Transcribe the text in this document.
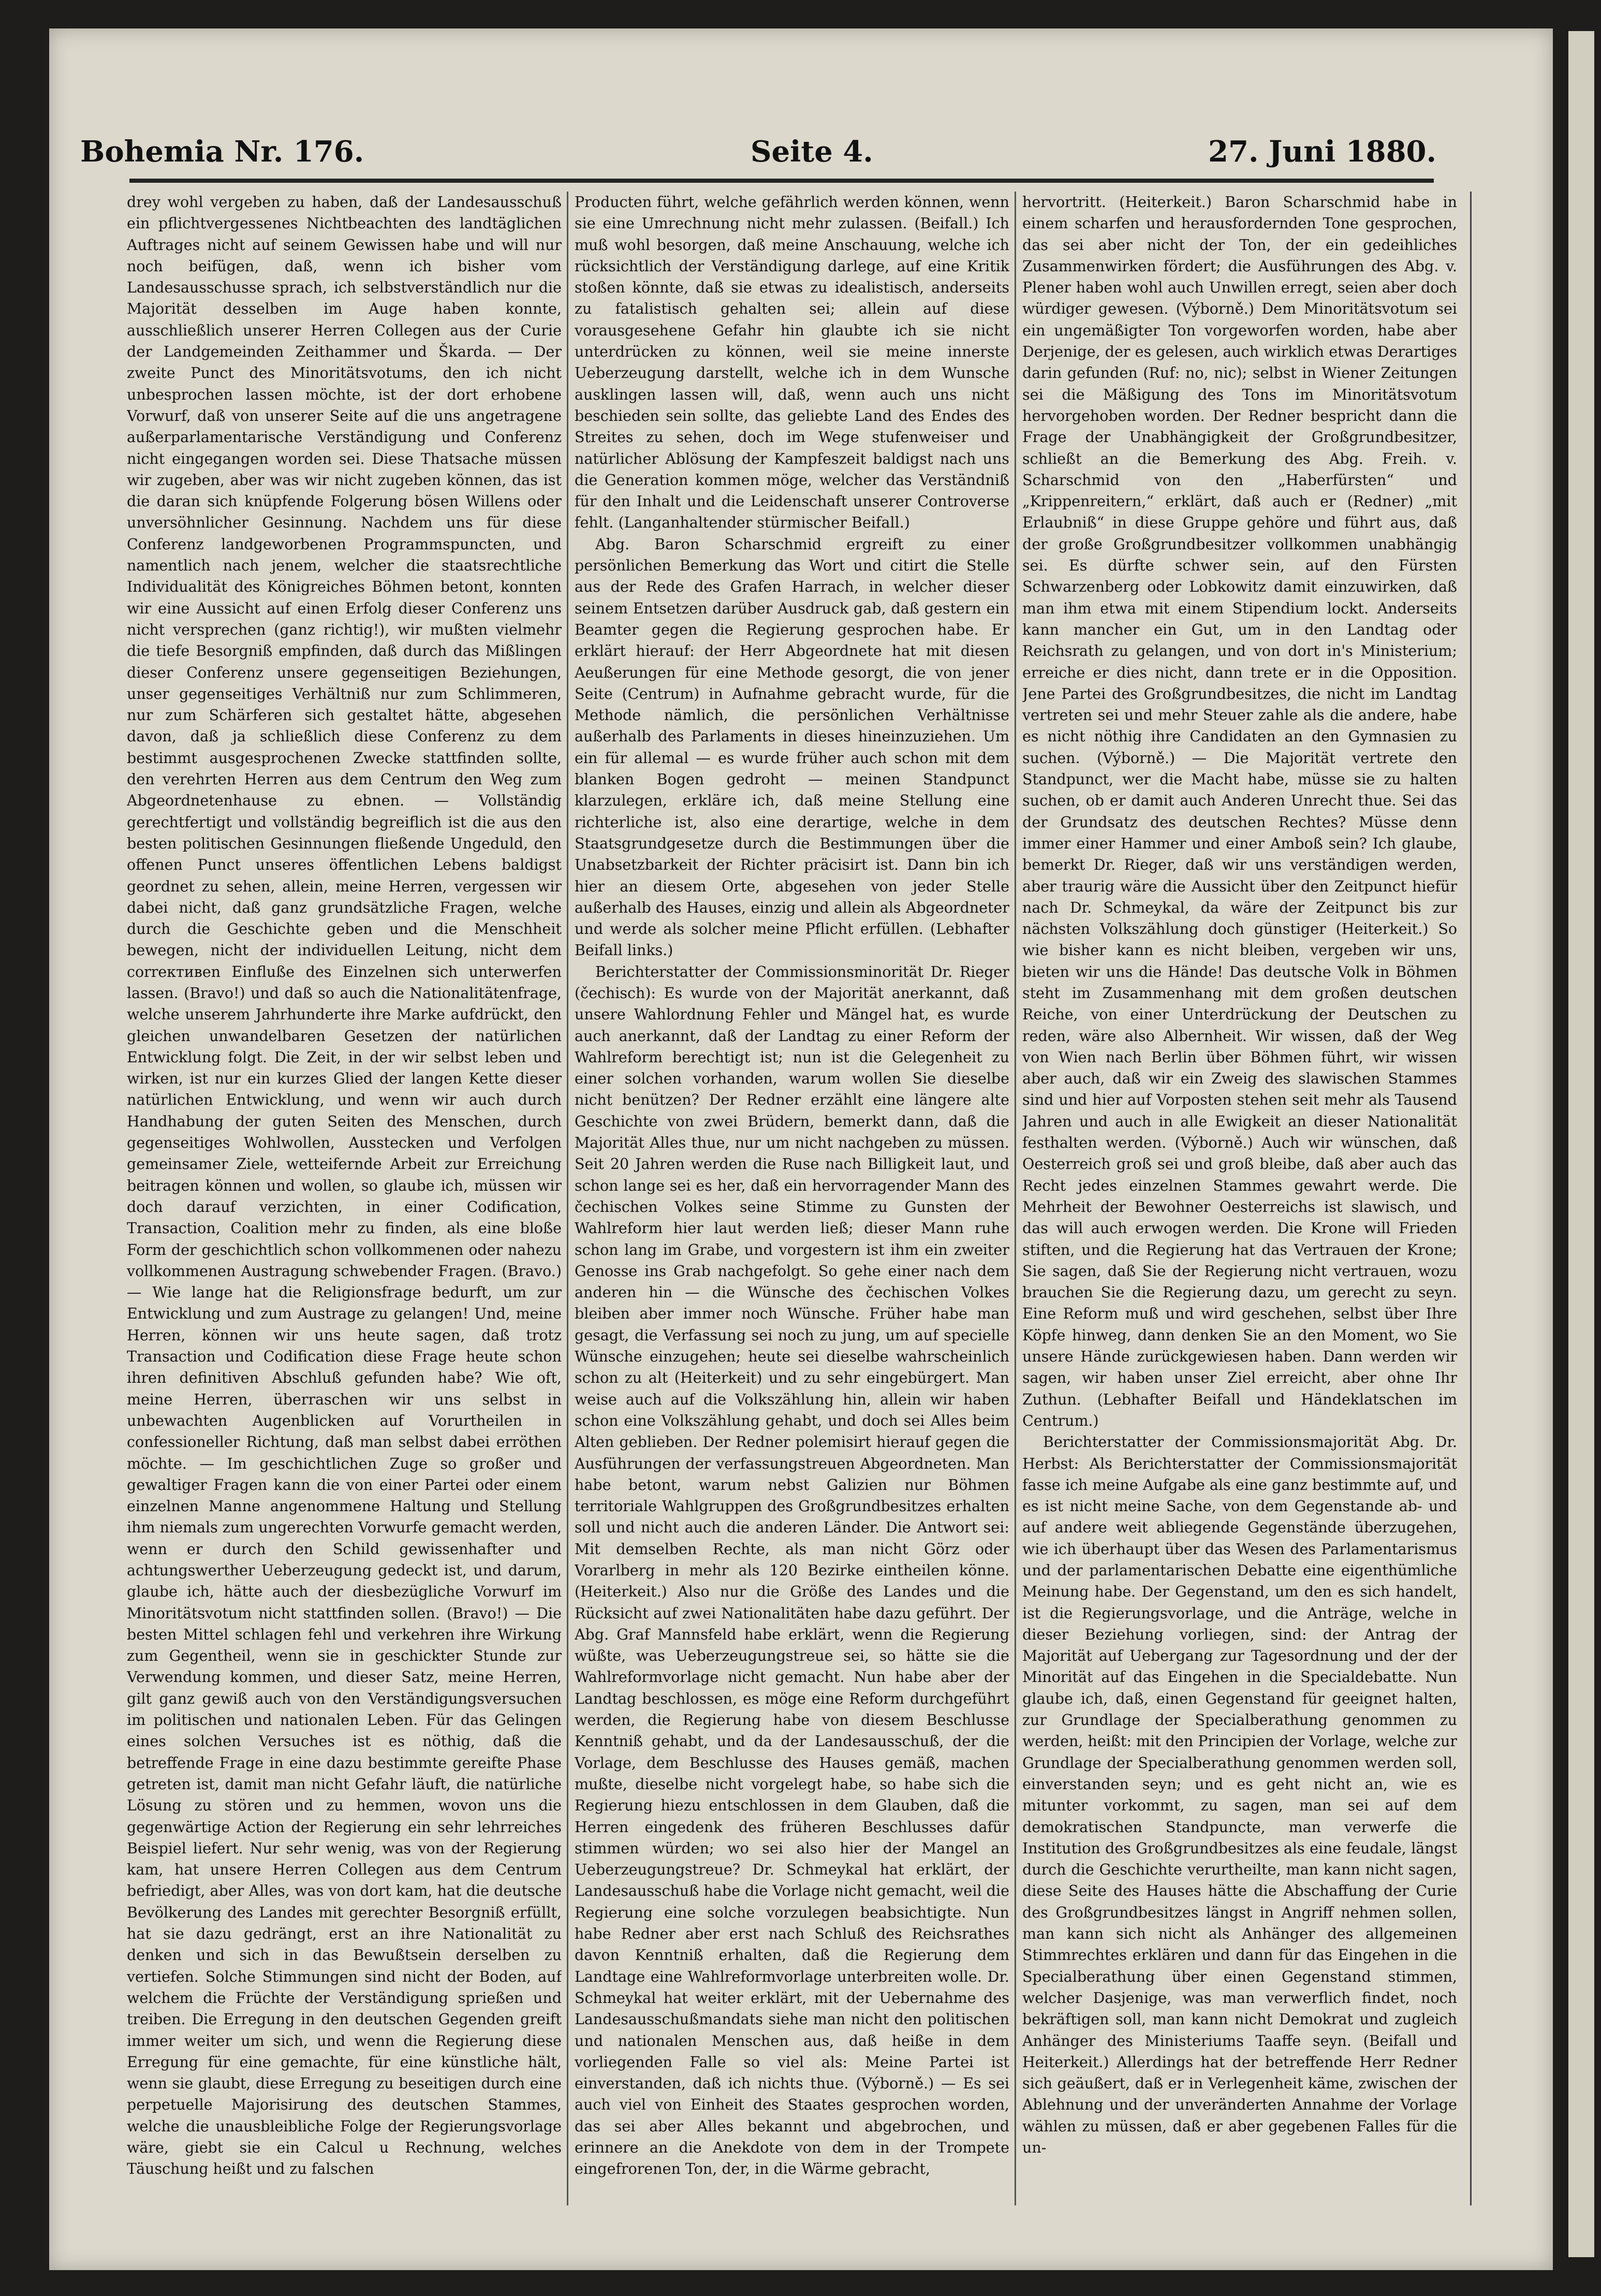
Bohemia Nr. 176.	Seite 4.	27. Juni 1880.

drey wohl vergeben zu haben, daß der Landesausschuß ein pflichtvergessenes Nichtbeachten des landtäglichen Auftrages nicht auf seinem Gewissen habe und will nur noch beifügen, daß, wenn ich bisher vom Landesausschusse sprach, ich selbstverständlich nur die Majorität desselben im Auge haben konnte, ausschließlich unserer Herren Collegen aus der Curie der Landgemeinden Zeithammer und Škarda. — Der zweite Punct des Minoritätsvotums, den ich nicht unbesprochen lassen möchte, ist der dort erhobene Vorwurf, daß von unserer Seite auf die uns angetragene außerparlamentarische Verständigung und Conferenz nicht eingegangen worden sei. Diese Thatsache müssen wir zugeben, aber was wir nicht zugeben können, das ist die daran sich knüpfende Folgerung bösen Willens oder unversöhnlicher Gesinnung. Nachdem uns für diese Conferenz landgeworbenen Programmspuncten, und namentlich nach jenem, welcher die staatsrechtliche Individualität des Königreiches Böhmen betont, konnten wir eine Aussicht auf einen Erfolg dieser Conferenz uns nicht versprechen (ganz richtig!), wir mußten vielmehr die tiefe Besorgniß empfinden, daß durch das Mißlingen dieser Conferenz unsere gegenseitigen Beziehungen, unser gegenseitiges Verhältniß nur zum Schlimmeren, nur zum Schärferen sich gestaltet hätte, abgesehen davon, daß ja schließlich diese Conferenz zu dem bestimmt ausgesprochenen Zwecke stattfinden sollte, den verehrten Herren aus dem Centrum den Weg zum Abgeordnetenhause zu ebnen. — Vollständig gerechtfertigt und vollständig begreiflich ist die aus den besten politischen Gesinnungen fließende Ungeduld, den offenen Punct unseres öffentlichen Lebens baldigst geordnet zu sehen, allein, meine Herren, vergessen wir dabei nicht, daß ganz grundsätzliche Fragen, welche durch die Geschichte geben und die Menschheit bewegen, nicht der individuellen Leitung, nicht dem corrективen Einfluße des Einzelnen sich unterwerfen lassen. (Bravo!) und daß so auch die Nationalitätenfrage, welche unserem Jahrhunderte ihre Marke aufdrückt, den gleichen unwandelbaren Gesetzen der natürlichen Entwicklung folgt. Die Zeit, in der wir selbst leben und wirken, ist nur ein kurzes Glied der langen Kette dieser natürlichen Entwicklung, und wenn wir auch durch Handhabung der guten Seiten des Menschen, durch gegenseitiges Wohlwollen, Ausstecken und Verfolgen gemeinsamer Ziele, wetteifernde Arbeit zur Erreichung beitragen können und wollen, so glaube ich, müssen wir doch darauf verzichten, in einer Codification, Transaction, Coalition mehr zu finden, als eine bloße Form der geschichtlich schon vollkommenen oder nahezu vollkommenen Austragung schwebender Fragen. (Bravo.) — Wie lange hat die Religionsfrage bedurft, um zur Entwicklung und zum Austrage zu gelangen! Und, meine Herren, können wir uns heute sagen, daß trotz Transaction und Codification diese Frage heute schon ihren definitiven Abschluß gefunden habe? Wie oft, meine Herren, überraschen wir uns selbst in unbewachten Augenblicken auf Vorurtheilen in confessioneller Richtung, daß man selbst dabei erröthen möchte. — Im geschichtlichen Zuge so großer und gewaltiger Fragen kann die von einer Partei oder einem einzelnen Manne angenommene Haltung und Stellung ihm niemals zum ungerechten Vorwurfe gemacht werden, wenn er durch den Schild gewissenhafter und achtungswerther Ueberzeugung gedeckt ist, und darum, glaube ich, hätte auch der diesbezügliche Vorwurf im Minoritätsvotum nicht stattfinden sollen. (Bravo!) — Die besten Mittel schlagen fehl und verkehren ihre Wirkung zum Gegentheil, wenn sie in geschickter Stunde zur Verwendung kommen, und dieser Satz, meine Herren, gilt ganz gewiß auch von den Verständigungsversuchen im politischen und nationalen Leben. Für das Gelingen eines solchen Versuches ist es nöthig, daß die betreffende Frage in eine dazu bestimmte gereifte Phase getreten ist, damit man nicht Gefahr läuft, die natürliche Lösung zu stören und zu hemmen, wovon uns die gegenwärtige Action der Regierung ein sehr lehrreiches Beispiel liefert. Nur sehr wenig, was von der Regierung kam, hat unsere Herren Collegen aus dem Centrum befriedigt, aber Alles, was von dort kam, hat die deutsche Bevölkerung des Landes mit gerechter Besorgniß erfüllt, hat sie dazu gedrängt, erst an ihre Nationalität zu denken und sich in das Bewußtsein derselben zu vertiefen. Solche Stimmungen sind nicht der Boden, auf welchem die Früchte der Verständigung sprießen und treiben. Die Erregung in den deutschen Gegenden greift immer weiter um sich, und wenn die Regierung diese Erregung für eine gemachte, für eine künstliche hält, wenn sie glaubt, diese Erregung zu beseitigen durch eine perpetuelle Majorisirung des deutschen Stammes, welche die unausbleibliche Folge der Regierungsvorlage wäre, giebt sie ein Calcul u Rechnung, welches Täuschung heißt und zu falschen

Producten führt, welche gefährlich werden können, wenn sie eine Umrechnung nicht mehr zulassen. (Beifall.) Ich muß wohl besorgen, daß meine Anschauung, welche ich rücksichtlich der Verständigung darlege, auf eine Kritik stoßen könnte, daß sie etwas zu idealistisch, anderseits zu fatalistisch gehalten sei; allein auf diese vorausgesehene Gefahr hin glaubte ich sie nicht unterdrücken zu können, weil sie meine innerste Ueberzeugung darstellt, welche ich in dem Wunsche ausklingen lassen will, daß, wenn auch uns nicht beschieden sein sollte, das geliebte Land des Endes des Streites zu sehen, doch im Wege stufenweiser und natürlicher Ablösung der Kampfeszeit baldigst nach uns die Generation kommen möge, welcher das Verständniß für den Inhalt und die Leidenschaft unserer Controverse fehlt. (Langanhaltender stürmischer Beifall.)

Abg. Baron Scharschmid ergreift zu einer persönlichen Bemerkung das Wort und citirt die Stelle aus der Rede des Grafen Harrach, in welcher dieser seinem Entsetzen darüber Ausdruck gab, daß gestern ein Beamter gegen die Regierung gesprochen habe. Er erklärt hierauf: der Herr Abgeordnete hat mit diesen Aeußerungen für eine Methode gesorgt, die von jener Seite (Centrum) in Aufnahme gebracht wurde, für die Methode nämlich, die persönlichen Verhältnisse außerhalb des Parlaments in dieses hineinzuziehen. Um ein für allemal — es wurde früher auch schon mit dem blanken Bogen gedroht — meinen Standpunct klarzulegen, erkläre ich, daß meine Stellung eine richterliche ist, also eine derartige, welche in dem Staatsgrundgesetze durch die Bestimmungen über die Unabsetzbarkeit der Richter präcisirt ist. Dann bin ich hier an diesem Orte, abgesehen von jeder Stelle außerhalb des Hauses, einzig und allein als Abgeordneter und werde als solcher meine Pflicht erfüllen. (Lebhafter Beifall links.)

Berichterstatter der Commissionsminorität Dr. Rieger (čechisch): Es wurde von der Majorität anerkannt, daß unsere Wahlordnung Fehler und Mängel hat, es wurde auch anerkannt, daß der Landtag zu einer Reform der Wahlreform berechtigt ist; nun ist die Gelegenheit zu einer solchen vorhanden, warum wollen Sie dieselbe nicht benützen? Der Redner erzählt eine längere alte Geschichte von zwei Brüdern, bemerkt dann, daß die Majorität Alles thue, nur um nicht nachgeben zu müssen. Seit 20 Jahren werden die Ruse nach Billigkeit laut, und schon lange sei es her, daß ein hervorragender Mann des čechischen Volkes seine Stimme zu Gunsten der Wahlreform hier laut werden ließ; dieser Mann ruhe schon lang im Grabe, und vorgestern ist ihm ein zweiter Genosse ins Grab nachgefolgt. So gehe einer nach dem anderen hin — die Wünsche des čechischen Volkes bleiben aber immer noch Wünsche. Früher habe man gesagt, die Verfassung sei noch zu jung, um auf specielle Wünsche einzugehen; heute sei dieselbe wahrscheinlich schon zu alt (Heiterkeit) und zu sehr eingebürgert. Man weise auch auf die Volkszählung hin, allein wir haben schon eine Volkszählung gehabt, und doch sei Alles beim Alten geblieben. Der Redner polemisirt hierauf gegen die Ausführungen der verfassungstreuen Abgeordneten. Man habe betont, warum nebst Galizien nur Böhmen territoriale Wahlgruppen des Großgrundbesitzes erhalten soll und nicht auch die anderen Länder. Die Antwort sei: Mit demselben Rechte, als man nicht Görz oder Vorarlberg in mehr als 120 Bezirke eintheilen könne. (Heiterkeit.) Also nur die Größe des Landes und die Rücksicht auf zwei Nationalitäten habe dazu geführt. Der Abg. Graf Mannsfeld habe erklärt, wenn die Regierung wüßte, was Ueberzeugungstreue sei, so hätte sie die Wahlreformvorlage nicht gemacht. Nun habe aber der Landtag beschlossen, es möge eine Reform durchgeführt werden, die Regierung habe von diesem Beschlusse Kenntniß gehabt, und da der Landesausschuß, der die Vorlage, dem Beschlusse des Hauses gemäß, machen mußte, dieselbe nicht vorgelegt habe, so habe sich die Regierung hiezu entschlossen in dem Glauben, daß die Herren eingedenk des früheren Beschlusses dafür stimmen würden; wo sei also hier der Mangel an Ueberzeugungstreue? Dr. Schmeykal hat erklärt, der Landesausschuß habe die Vorlage nicht gemacht, weil die Regierung eine solche vorzulegen beabsichtigte. Nun habe Redner aber erst nach Schluß des Reichsrathes davon Kenntniß erhalten, daß die Regierung dem Landtage eine Wahlreformvorlage unterbreiten wolle. Dr. Schmeykal hat weiter erklärt, mit der Uebernahme des Landesausschußmandats siehe man nicht den politischen und nationalen Menschen aus, daß heiße in dem vorliegenden Falle so viel als: Meine Partei ist einverstanden, daß ich nichts thue. (Výborně.) — Es sei auch viel von Einheit des Staates gesprochen worden, das sei aber Alles bekannt und abgebrochen, und erinnere an die Anekdote von dem in der Trompete eingefrorenen Ton, der, in die Wärme gebracht,

hervortritt. (Heiterkeit.) Baron Scharschmid habe in einem scharfen und herausfordernden Tone gesprochen, das sei aber nicht der Ton, der ein gedeihliches Zusammenwirken fördert; die Ausführungen des Abg. v. Plener haben wohl auch Unwillen erregt, seien aber doch würdiger gewesen. (Výborně.) Dem Minoritätsvotum sei ein ungemäßigter Ton vorgeworfen worden, habe aber Derjenige, der es gelesen, auch wirklich etwas Derartiges darin gefunden (Ruf: no, nic); selbst in Wiener Zeitungen sei die Mäßigung des Tons im Minoritätsvotum hervorgehoben worden. Der Redner bespricht dann die Frage der Unabhängigkeit der Großgrundbesitzer, schließt an die Bemerkung des Abg. Freih. v. Scharschmid von den „Haberfürsten“ und „Krippenreitern,“ erklärt, daß auch er (Redner) „mit Erlaubniß“ in diese Gruppe gehöre und führt aus, daß der große Großgrundbesitzer vollkommen unabhängig sei. Es dürfte schwer sein, auf den Fürsten Schwarzenberg oder Lobkowitz damit einzuwirken, daß man ihm etwa mit einem Stipendium lockt. Anderseits kann mancher ein Gut, um in den Landtag oder Reichsrath zu gelangen, und von dort in's Ministerium; erreiche er dies nicht, dann trete er in die Opposition. Jene Partei des Großgrundbesitzes, die nicht im Landtag vertreten sei und mehr Steuer zahle als die andere, habe es nicht nöthig ihre Candidaten an den Gymnasien zu suchen. (Výborně.) — Die Majorität vertrete den Standpunct, wer die Macht habe, müsse sie zu halten suchen, ob er damit auch Anderen Unrecht thue. Sei das der Grundsatz des deutschen Rechtes? Müsse denn immer einer Hammer und einer Amboß sein? Ich glaube, bemerkt Dr. Rieger, daß wir uns verständigen werden, aber traurig wäre die Aussicht über den Zeitpunct hiefür nach Dr. Schmeykal, da wäre der Zeitpunct bis zur nächsten Volkszählung doch günstiger (Heiterkeit.) So wie bisher kann es nicht bleiben, vergeben wir uns, bieten wir uns die Hände! Das deutsche Volk in Böhmen steht im Zusammenhang mit dem großen deutschen Reiche, von einer Unterdrückung der Deutschen zu reden, wäre also Albernheit. Wir wissen, daß der Weg von Wien nach Berlin über Böhmen führt, wir wissen aber auch, daß wir ein Zweig des slawischen Stammes sind und hier auf Vorposten stehen seit mehr als Tausend Jahren und auch in alle Ewigkeit an dieser Nationalität festhalten werden. (Výborně.) Auch wir wünschen, daß Oesterreich groß sei und groß bleibe, daß aber auch das Recht jedes einzelnen Stammes gewahrt werde. Die Mehrheit der Bewohner Oesterreichs ist slawisch, und das will auch erwogen werden. Die Krone will Frieden stiften, und die Regierung hat das Vertrauen der Krone; Sie sagen, daß Sie der Regierung nicht vertrauen, wozu brauchen Sie die Regierung dazu, um gerecht zu seyn. Eine Reform muß und wird geschehen, selbst über Ihre Köpfe hinweg, dann denken Sie an den Moment, wo Sie unsere Hände zurückgewiesen haben. Dann werden wir sagen, wir haben unser Ziel erreicht, aber ohne Ihr Zuthun. (Lebhafter Beifall und Händeklatschen im Centrum.)

Berichterstatter der Commissionsmajorität Abg. Dr. Herbst: Als Berichterstatter der Commissionsmajorität fasse ich meine Aufgabe als eine ganz bestimmte auf, und es ist nicht meine Sache, von dem Gegenstande ab- und auf andere weit abliegende Gegenstände überzugehen, wie ich überhaupt über das Wesen des Parlamentarismus und der parlamentarischen Debatte eine eigenthümliche Meinung habe. Der Gegenstand, um den es sich handelt, ist die Regierungsvorlage, und die Anträge, welche in dieser Beziehung vorliegen, sind: der Antrag der Majorität auf Uebergang zur Tagesordnung und der der Minorität auf das Eingehen in die Specialdebatte. Nun glaube ich, daß, einen Gegenstand für geeignet halten, zur Grundlage der Specialberathung genommen zu werden, heißt: mit den Principien der Vorlage, welche zur Grundlage der Specialberathung genommen werden soll, einverstanden seyn; und es geht nicht an, wie es mitunter vorkommt, zu sagen, man sei auf dem demokratischen Standpuncte, man verwerfe die Institution des Großgrundbesitzes als eine feudale, längst durch die Geschichte verurtheilte, man kann nicht sagen, diese Seite des Hauses hätte die Abschaffung der Curie des Großgrundbesitzes längst in Angriff nehmen sollen, man kann sich nicht als Anhänger des allgemeinen Stimmrechtes erklären und dann für das Eingehen in die Specialberathung über einen Gegenstand stimmen, welcher Dasjenige, was man verwerflich findet, noch bekräftigen soll, man kann nicht Demokrat und zugleich Anhänger des Ministeriums Taaffe seyn. (Beifall und Heiterkeit.) Allerdings hat der betreffende Herr Redner sich geäußert, daß er in Verlegenheit käme, zwischen der Ablehnung und der unveränderten Annahme der Vorlage wählen zu müssen, daß er aber gegebenen Falles für die un-
